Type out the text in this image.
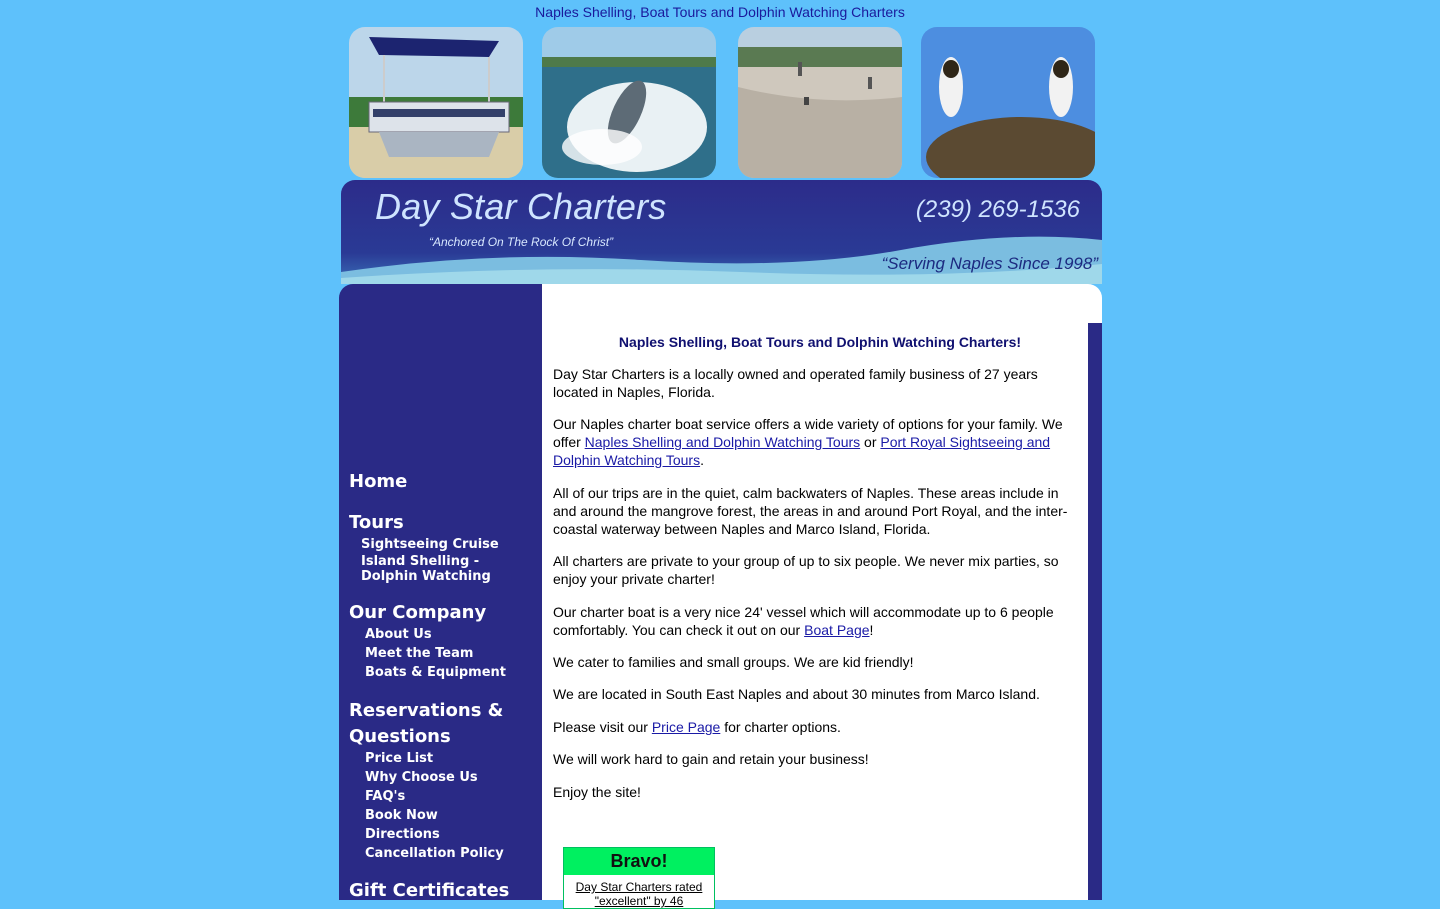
Naples Shelling, Boat Tours and Dolphin Watching Charters
Day Star Charters
“Anchored On The Rock Of Christ”
(239) 269-1536
“Serving Naples Since 1998”
Home
Tours
Sightseeing Cruise
Island Shelling -
Dolphin Watching
Our Company
About Us
Meet the Team
Boats & Equipment
Reservations &
Questions
Price List
Why Choose Us
FAQ's
Book Now
Directions
Cancellation Policy
Gift Certificates
Naples Shelling, Boat Tours and Dolphin Watching Charters!
Day Star Charters is a locally owned and operated family business of 27 years located in Naples, Florida.
Our Naples charter boat service offers a wide variety of options for your family. We offer Naples Shelling and Dolphin Watching Tours or Port Royal Sightseeing and Dolphin Watching Tours.
All of our trips are in the quiet, calm backwaters of Naples. These areas include in and around the mangrove forest, the areas in and around Port Royal, and the inter-coastal waterway between Naples and Marco Island, Florida.
All charters are private to your group of up to six people. We never mix parties, so enjoy your private charter!
Our charter boat is a very nice 24' vessel which will accommodate up to 6 people comfortably. You can check it out on our Boat Page!
We cater to families and small groups. We are kid friendly!
We are located in South East Naples and about 30 minutes from Marco Island.
Please visit our Price Page for charter options.
We will work hard to gain and retain your business!
Enjoy the site!
Bravo!
Day Star Charters rated
"excellent" by 46
